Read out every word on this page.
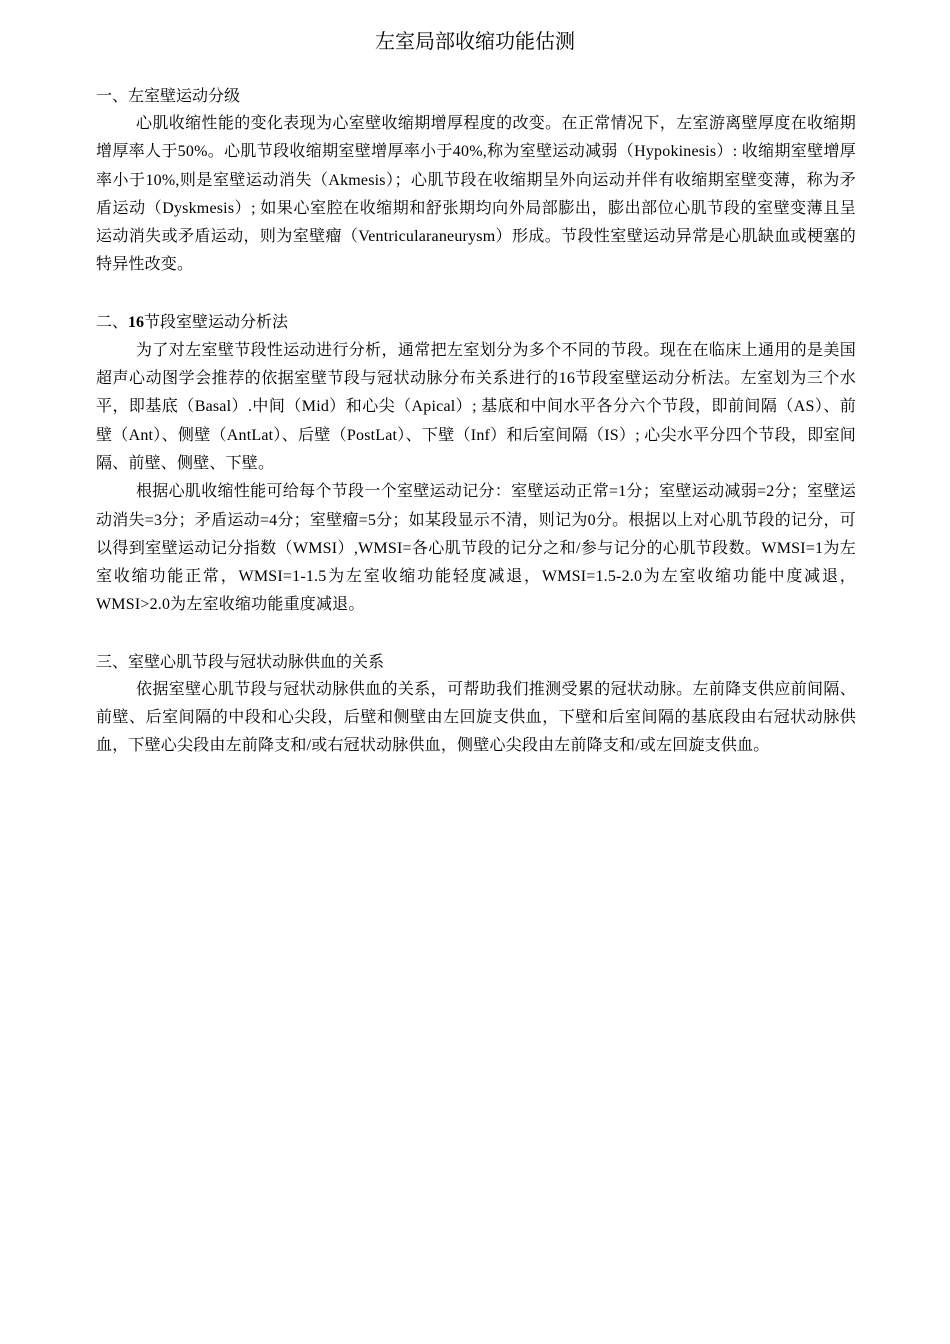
左室局部收缩功能估测
一、左室壁运动分级

心肌收缩性能的变化表现为心室壁收缩期增厚程度的改变。在正常情况下，左室游离壁厚度在收缩期增厚率人于50%。心肌节段收缩期室壁增厚率小于40%,称为室壁运动减弱（Hypokinesis）: 收缩期室壁增厚率小于10%,则是室壁运动消失（Akmesis）；心肌节段在收缩期呈外向运动并伴有收缩期室壁变薄，称为矛盾运动（Dyskmesis）; 如果心室腔在收缩期和舒张期均向外局部膨出，膨出部位心肌节段的室壁变薄且呈运动消失或矛盾运动，则为室壁瘤（Ventricularaneurysm）形成。节段性室壁运动异常是心肌缺血或梗塞的特异性改变。

二、16节段室壁运动分析法

为了对左室壁节段性运动进行分析，通常把左室划分为多个不同的节段。现在在临床上通用的是美国超声心动图学会推荐的依据室壁节段与冠状动脉分布关系进行的16节段室壁运动分析法。左室划为三个水平，即基底（Basal）.中间（Mid）和心尖（Apical）; 基底和中间水平各分六个节段，即前间隔（AS）、前壁（Ant）、侧壁（AntLat）、后壁（PostLat）、下壁（Inf）和后室间隔（IS）; 心尖水平分四个节段，即室间隔、前壁、侧壁、下壁。

根据心肌收缩性能可给每个节段一个室壁运动记分：室壁运动正常=1分；室壁运动减弱=2分；室壁运动消失=3分；矛盾运动=4分；室壁瘤=5分；如某段显示不清，则记为0分。根据以上对心肌节段的记分，可以得到室壁运动记分指数（WMSI）,WMSI=各心肌节段的记分之和/参与记分的心肌节段数。WMSI=1为左室收缩功能正常，WMSI=1-1.5为左室收缩功能轻度减退，WMSI=1.5-2.0为左室收缩功能中度减退，WMSI>2.0为左室收缩功能重度减退。

三、室壁心肌节段与冠状动脉供血的关系

依据室壁心肌节段与冠状动脉供血的关系，可帮助我们推测受累的冠状动脉。左前降支供应前间隔、前壁、后室间隔的中段和心尖段，后壁和侧壁由左回旋支供血，下壁和后室间隔的基底段由右冠状动脉供血，下壁心尖段由左前降支和/或右冠状动脉供血，侧壁心尖段由左前降支和/或左回旋支供血。
